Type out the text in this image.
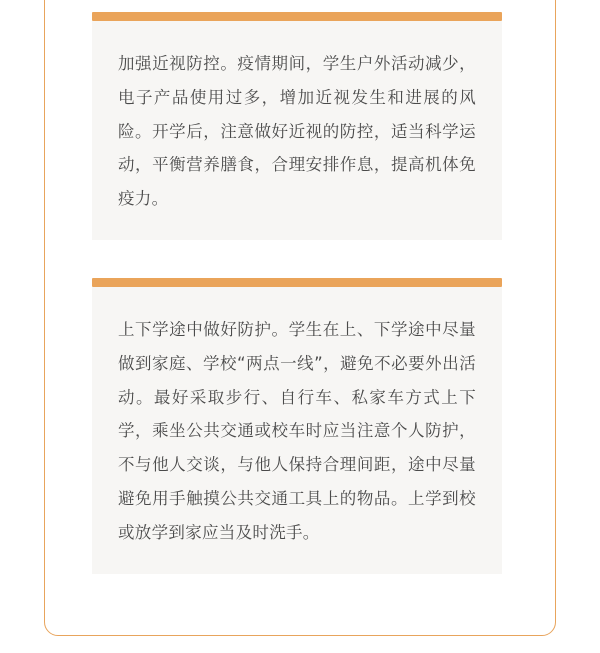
加强近视防控。疫情期间，学生户外活动减少，电子产品使用过多，增加近视发生和进展的风险。开学后，注意做好近视的防控，适当科学运动，平衡营养膳食，合理安排作息，提高机体免疫力。

上下学途中做好防护。学生在上、下学途中尽量做到家庭、学校“两点一线”，避免不必要外出活动。最好采取步行、自行车、私家车方式上下学，乘坐公共交通或校车时应当注意个人防护，不与他人交谈，与他人保持合理间距，途中尽量避免用手触摸公共交通工具上的物品。上学到校或放学到家应当及时洗手。
